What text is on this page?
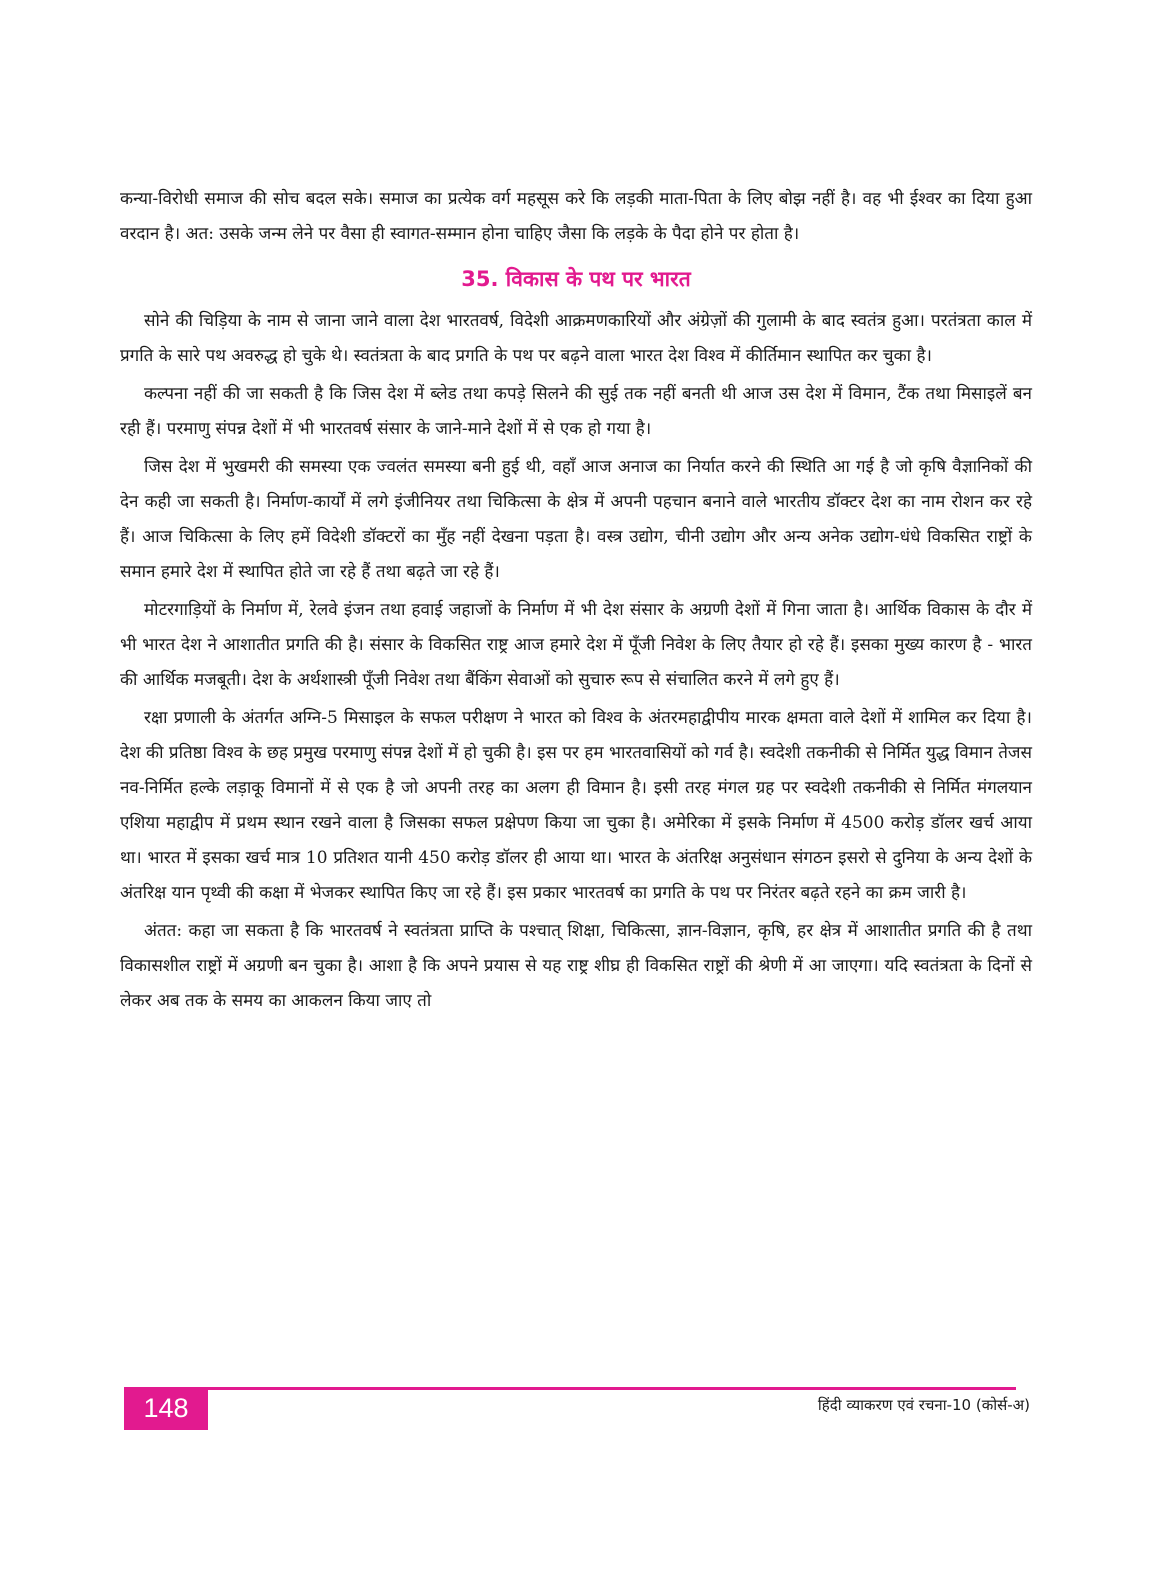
कन्या-विरोधी समाज की सोच बदल सके। समाज का प्रत्येक वर्ग महसूस करे कि लड़की माता-पिता के लिए बोझ नहीं है। वह भी ईश्वर का दिया हुआ वरदान है। अत: उसके जन्म लेने पर वैसा ही स्वागत-सम्मान होना चाहिए जैसा कि लड़के के पैदा होने पर होता है।

35. विकास के पथ पर भारत

सोने की चिड़िया के नाम से जाना जाने वाला देश भारतवर्ष, विदेशी आक्रमणकारियों और अंग्रेज़ों की गुलामी के बाद स्वतंत्र हुआ। परतंत्रता काल में प्रगति के सारे पथ अवरुद्ध हो चुके थे। स्वतंत्रता के बाद प्रगति के पथ पर बढ़ने वाला भारत देश विश्व में कीर्तिमान स्थापित कर चुका है।

कल्पना नहीं की जा सकती है कि जिस देश में ब्लेड तथा कपड़े सिलने की सुई तक नहीं बनती थी आज उस देश में विमान, टैंक तथा मिसाइलें बन रही हैं। परमाणु संपन्न देशों में भी भारतवर्ष संसार के जाने-माने देशों में से एक हो गया है।

जिस देश में भुखमरी की समस्या एक ज्वलंत समस्या बनी हुई थी, वहाँ आज अनाज का निर्यात करने की स्थिति आ गई है जो कृषि वैज्ञानिकों की देन कही जा सकती है। निर्माण-कार्यों में लगे इंजीनियर तथा चिकित्सा के क्षेत्र में अपनी पहचान बनाने वाले भारतीय डॉक्टर देश का नाम रोशन कर रहे हैं। आज चिकित्सा के लिए हमें विदेशी डॉक्टरों का मुँह नहीं देखना पड़ता है। वस्त्र उद्योग, चीनी उद्योग और अन्य अनेक उद्योग-धंधे विकसित राष्ट्रों के समान हमारे देश में स्थापित होते जा रहे हैं तथा बढ़ते जा रहे हैं।

मोटरगाड़ियों के निर्माण में, रेलवे इंजन तथा हवाई जहाजों के निर्माण में भी देश संसार के अग्रणी देशों में गिना जाता है। आर्थिक विकास के दौर में भी भारत देश ने आशातीत प्रगति की है। संसार के विकसित राष्ट्र आज हमारे देश में पूँजी निवेश के लिए तैयार हो रहे हैं। इसका मुख्य कारण है - भारत की आर्थिक मजबूती। देश के अर्थशास्त्री पूँजी निवेश तथा बैंकिंग सेवाओं को सुचारु रूप से संचालित करने में लगे हुए हैं।

रक्षा प्रणाली के अंतर्गत अग्नि-5 मिसाइल के सफल परीक्षण ने भारत को विश्व के अंतरमहाद्वीपीय मारक क्षमता वाले देशों में शामिल कर दिया है। देश की प्रतिष्ठा विश्व के छह प्रमुख परमाणु संपन्न देशों में हो चुकी है। इस पर हम भारतवासियों को गर्व है। स्वदेशी तकनीकी से निर्मित युद्ध विमान तेजस नव-निर्मित हल्के लड़ाकू विमानों में से एक है जो अपनी तरह का अलग ही विमान है। इसी तरह मंगल ग्रह पर स्वदेशी तकनीकी से निर्मित मंगलयान एशिया महाद्वीप में प्रथम स्थान रखने वाला है जिसका सफल प्रक्षेपण किया जा चुका है। अमेरिका में इसके निर्माण में 4500 करोड़ डॉलर खर्च आया था। भारत में इसका खर्च मात्र 10 प्रतिशत यानी 450 करोड़ डॉलर ही आया था। भारत के अंतरिक्ष अनुसंधान संगठन इसरो से दुनिया के अन्य देशों के अंतरिक्ष यान पृथ्वी की कक्षा में भेजकर स्थापित किए जा रहे हैं। इस प्रकार भारतवर्ष का प्रगति के पथ पर निरंतर बढ़ते रहने का क्रम जारी है।

अंतत: कहा जा सकता है कि भारतवर्ष ने स्वतंत्रता प्राप्ति के पश्चात् शिक्षा, चिकित्सा, ज्ञान-विज्ञान, कृषि, हर क्षेत्र में आशातीत प्रगति की है तथा विकासशील राष्ट्रों में अग्रणी बन चुका है। आशा है कि अपने प्रयास से यह राष्ट्र शीघ्र ही विकसित राष्ट्रों की श्रेणी में आ जाएगा। यदि स्वतंत्रता के दिनों से लेकर अब तक के समय का आकलन किया जाए तो

148	हिंदी व्याकरण एवं रचना-10 (कोर्स-अ)
